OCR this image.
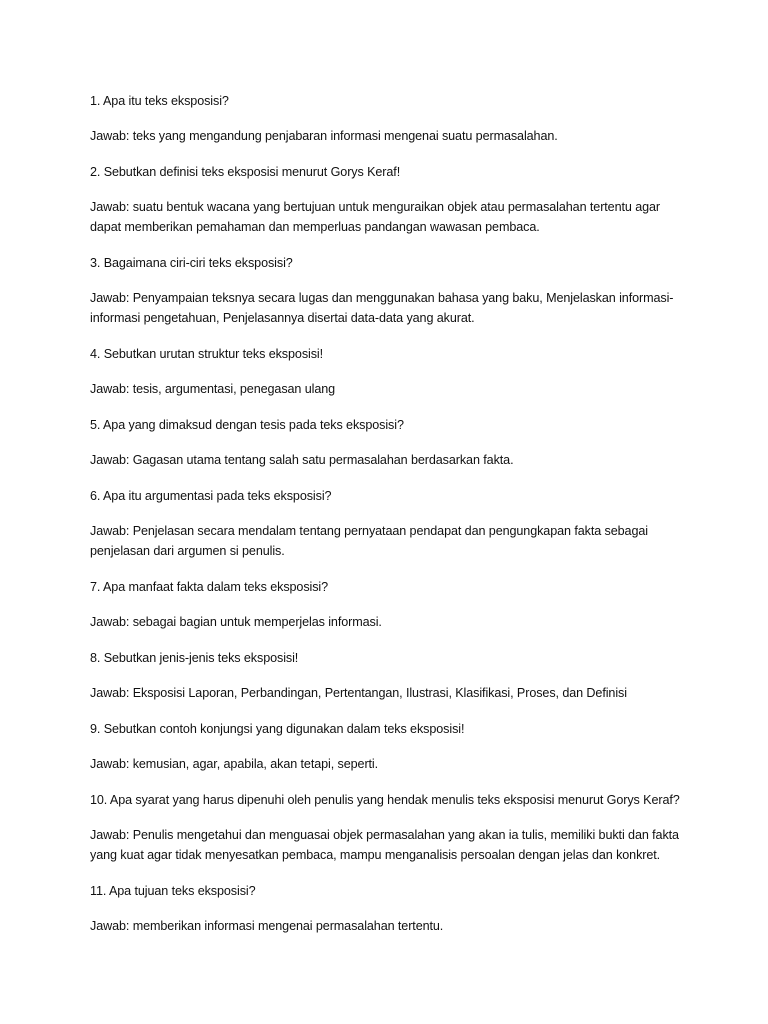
1. Apa itu teks eksposisi?

Jawab: teks yang mengandung penjabaran informasi mengenai suatu permasalahan.

2. Sebutkan definisi teks eksposisi menurut Gorys Keraf!

Jawab: suatu bentuk wacana yang bertujuan untuk menguraikan objek atau permasalahan tertentu agar dapat memberikan pemahaman dan memperluas pandangan wawasan pembaca.

3. Bagaimana ciri-ciri teks eksposisi?

Jawab: Penyampaian teksnya secara lugas dan menggunakan bahasa yang baku, Menjelaskan informasi-informasi pengetahuan, Penjelasannya disertai data-data yang akurat.

4. Sebutkan urutan struktur teks eksposisi!

Jawab: tesis, argumentasi, penegasan ulang

5. Apa yang dimaksud dengan tesis pada teks eksposisi?

Jawab: Gagasan utama tentang salah satu permasalahan berdasarkan fakta.

6. Apa itu argumentasi pada teks eksposisi?

Jawab: Penjelasan secara mendalam tentang pernyataan pendapat dan pengungkapan fakta sebagai penjelasan dari argumen si penulis.

7. Apa manfaat fakta dalam teks eksposisi?

Jawab: sebagai bagian untuk memperjelas informasi.

8. Sebutkan jenis-jenis teks eksposisi!

Jawab: Eksposisi Laporan, Perbandingan, Pertentangan, Ilustrasi, Klasifikasi, Proses, dan Definisi

9. Sebutkan contoh konjungsi yang digunakan dalam teks eksposisi!

Jawab: kemusian, agar, apabila, akan tetapi, seperti.

10. Apa syarat yang harus dipenuhi oleh penulis yang hendak menulis teks eksposisi menurut Gorys Keraf?

Jawab: Penulis mengetahui dan menguasai objek permasalahan yang akan ia tulis, memiliki bukti dan fakta yang kuat agar tidak menyesatkan pembaca, mampu menganalisis persoalan dengan jelas dan konkret.

11. Apa tujuan teks eksposisi?

Jawab: memberikan informasi mengenai permasalahan tertentu.
